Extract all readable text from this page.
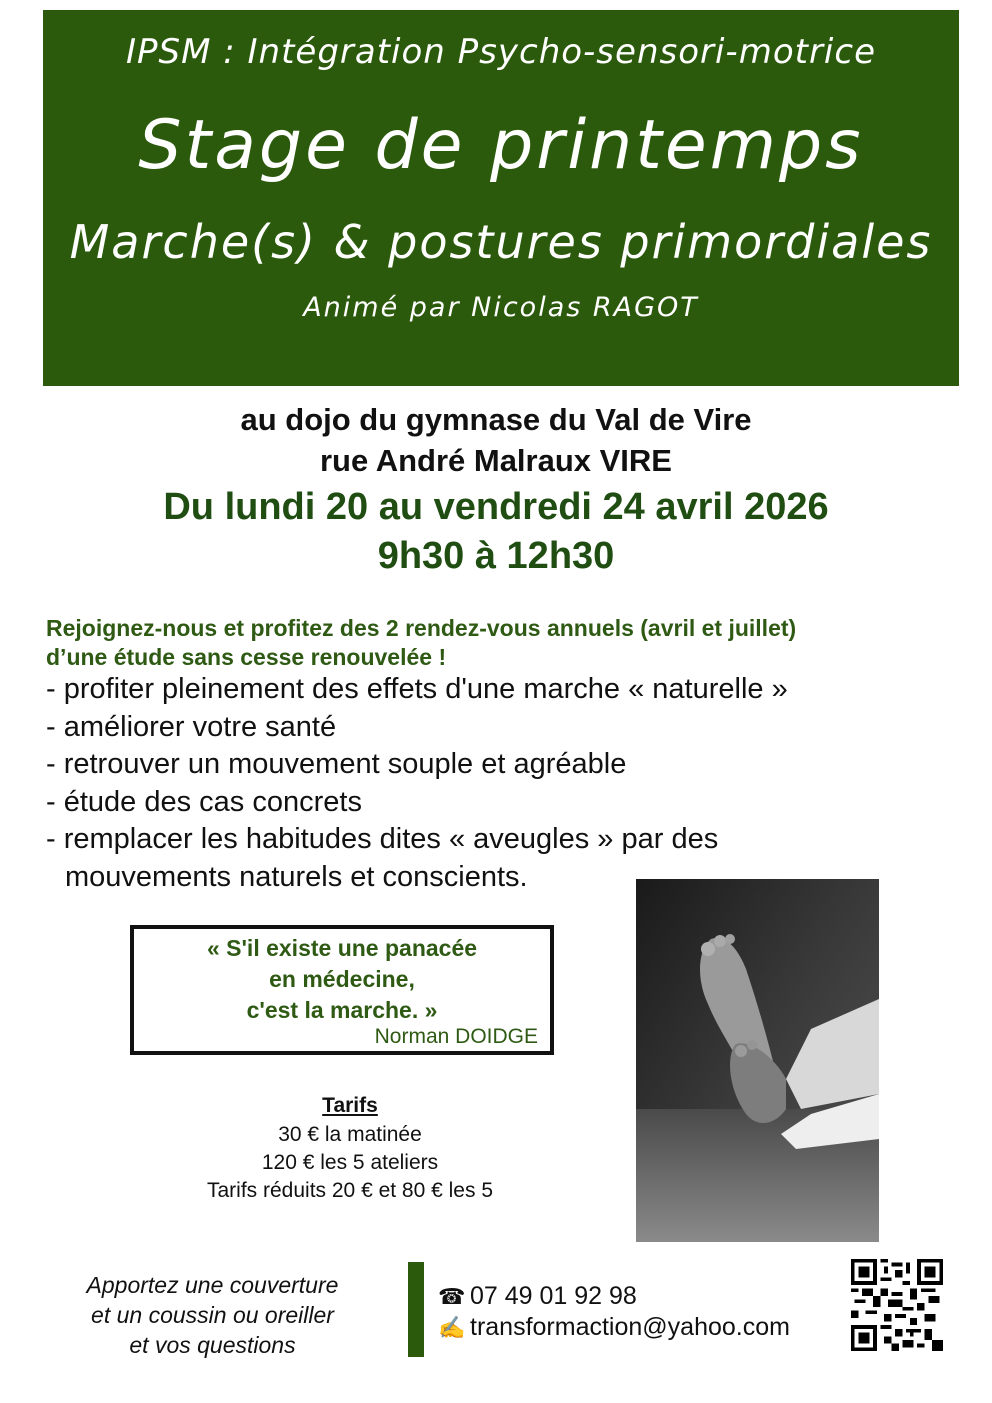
IPSM : Intégration Psycho-sensori-motrice
Stage de printemps
Marche(s) & postures primordiales
Animé par Nicolas RAGOT
au dojo du gymnase du Val de Vire
rue André Malraux VIRE
Du lundi 20 au vendredi 24 avril 2026
9h30 à 12h30
Rejoignez-nous et profitez des 2 rendez-vous annuels (avril et juillet)
d’une étude sans cesse renouvelée !
- profiter pleinement des effets d'une marche « naturelle »
- améliorer votre santé
- retrouver un mouvement souple et agréable
- étude des cas concrets
- remplacer les habitudes dites « aveugles » par des
mouvements naturels et conscients.
« S'il existe une panacée
en médecine,
c'est la marche. »
Norman DOIDGE
Tarifs
30 € la matinée
120 € les 5 ateliers
Tarifs réduits 20 € et 80 € les 5
Apportez une couverture
et un coussin ou oreiller
et vos questions
☎ 07 49 01 92 98
✍ transformaction@yahoo.com
